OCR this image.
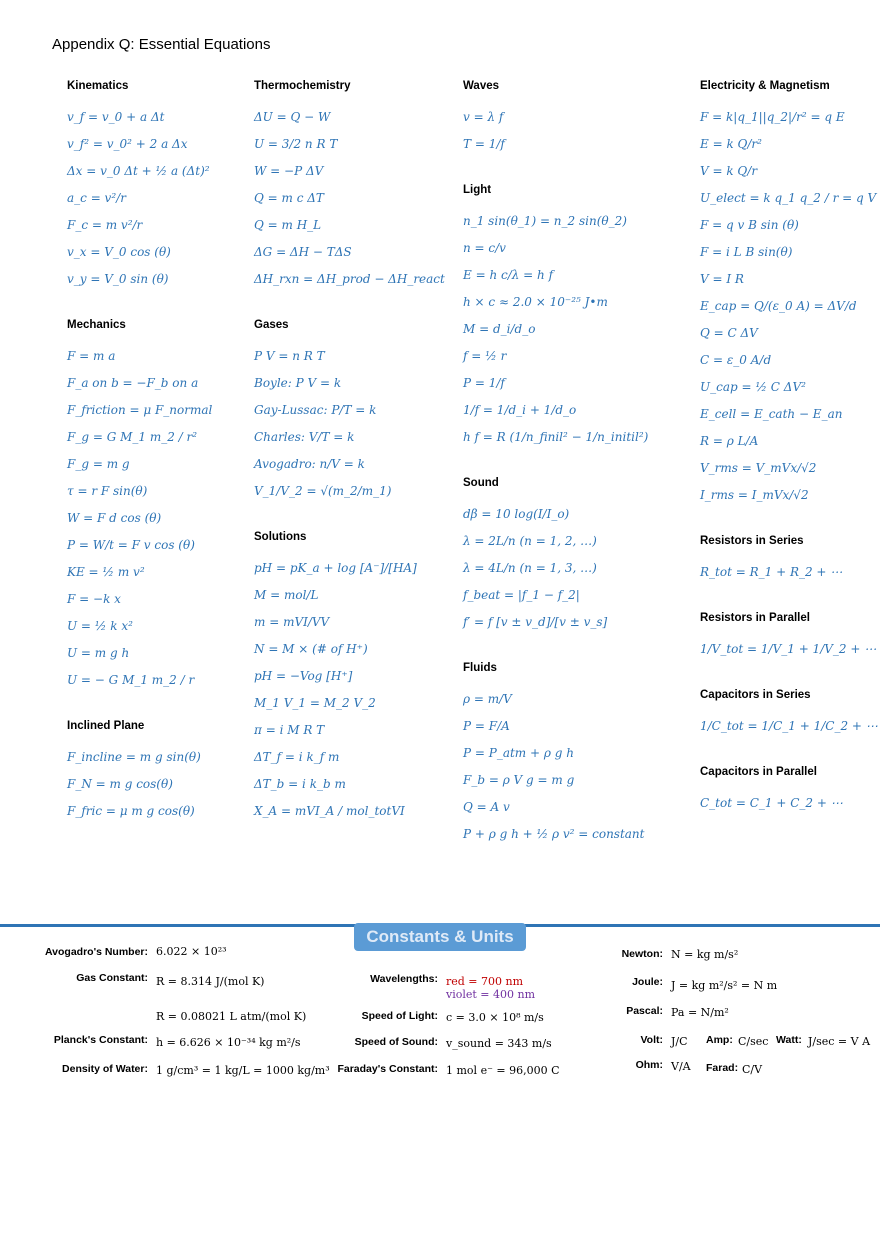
Appendix Q: Essential Equations
Kinematics
v_f = v_0 + a Δt
v_f² = v_0² + 2 a Δx
Δx = v_0 Δt + ½ a (Δt)²
a_c = v²/r
F_c = m v²/r
v_x = V_0 cos (θ)
v_y = V_0 sin (θ)
Mechanics
F = m a
F_a on b = −F_b on a
F_friction = μ F_normal
F_g = G M_1 m_2 / r²
F_g = m g
τ = r F sin(θ)
W = F d cos (θ)
P = W/t = F v cos (θ)
KE = ½ m v²
F = −k x
U = ½ k x²
U = m g h
U = − G M_1 m_2 / r
Inclined Plane
F_incline = m g sin(θ)
F_N = m g cos(θ)
F_fric = μ m g cos(θ)
Thermochemistry
ΔU = Q − W
U = 3/2 n R T
W = −P ΔV
Q = m c ΔT
Q = m H_L
ΔG = ΔH − TΔS
ΔH_rxn = ΔH_prod − ΔH_react
Gases
P V = n R T
Boyle: P V = k
Gay-Lussac: P/T = k
Charles: V/T = k
Avogadro: n/V = k
V_1/V_2 = √(m_2/m_1)
Solutions
pH = pK_a + log [A⁻]/[HA]
M = mol/L
m = mVI/VV
N = M × (# of H⁺)
pH = −Vog [H⁺]
M_1 V_1 = M_2 V_2
π = i M R T
ΔT_f = i k_f m
ΔT_b = i k_b m
X_A = mVI_A / mol_totVI
Waves
v = λ f
T = 1/f
Light
n_1 sin(θ_1) = n_2 sin(θ_2)
n = c/v
E = h c/λ = h f
h × c ≈ 2.0 × 10⁻²⁵ J•m
M = d_i/d_o
f = ½ r
P = 1/f
1/f = 1/d_i + 1/d_o
h f = R (1/n_finil² − 1/n_initil²)
Sound
dβ = 10 log(I/I_o)
λ = 2L/n (n = 1, 2, …)
λ = 4L/n (n = 1, 3, …)
f_beat = |f_1 − f_2|
f′ = f [v ± v_d]/[v ± v_s]
Fluids
ρ = m/V
P = F/A
P = P_atm + ρ g h
F_b = ρ V g = m g
Q = A v
P + ρ g h + ½ ρ v² = constant
Electricity & Magnetism
F = k|q_1||q_2|/r² = q E
E = k Q/r²
V = k Q/r
U_elect = k q_1 q_2 / r = q V
F = q v B sin (θ)
F = i L B sin(θ)
V = I R
E_cap = Q/(ε_0 A) = ΔV/d
Q = C ΔV
C = ε_0 A/d
U_cap = ½ C ΔV²
E_cell = E_cath − E_an
R = ρ L/A
V_rms = V_mVx/√2
I_rms = I_mVx/√2
Resistors in Series
R_tot = R_1 + R_2 + ⋯
Resistors in Parallel
1/V_tot = 1/V_1 + 1/V_2 + ⋯
Capacitors in Series
1/C_tot = 1/C_1 + 1/C_2 + ⋯
Capacitors in Parallel
C_tot = C_1 + C_2 + ⋯
Constants & Units
Avogadro's Number: 6.022 × 10²³
Gas Constant: R = 8.314 J/(mol K)
R = 0.08021 L atm/(mol K)
Planck's Constant: h = 6.626 × 10⁻³⁴ kg m²/s
Density of Water: 1 g/cm³ = 1 kg/L = 1000 kg/m³
Wavelengths: red = 700 nm
violet = 400 nm
Speed of Light: c = 3.0 × 10⁸ m/s
Speed of Sound: v_sound = 343 m/s
Faraday's Constant: 1 mol e⁻ = 96,000 C
Newton: N = kg m/s²
Joule: J = kg m²/s² = N m
Pascal: Pa = N/m²
Volt: J/C Amp: C/sec Watt: J/sec = V A
Ohm: V/A Farad: C/V
